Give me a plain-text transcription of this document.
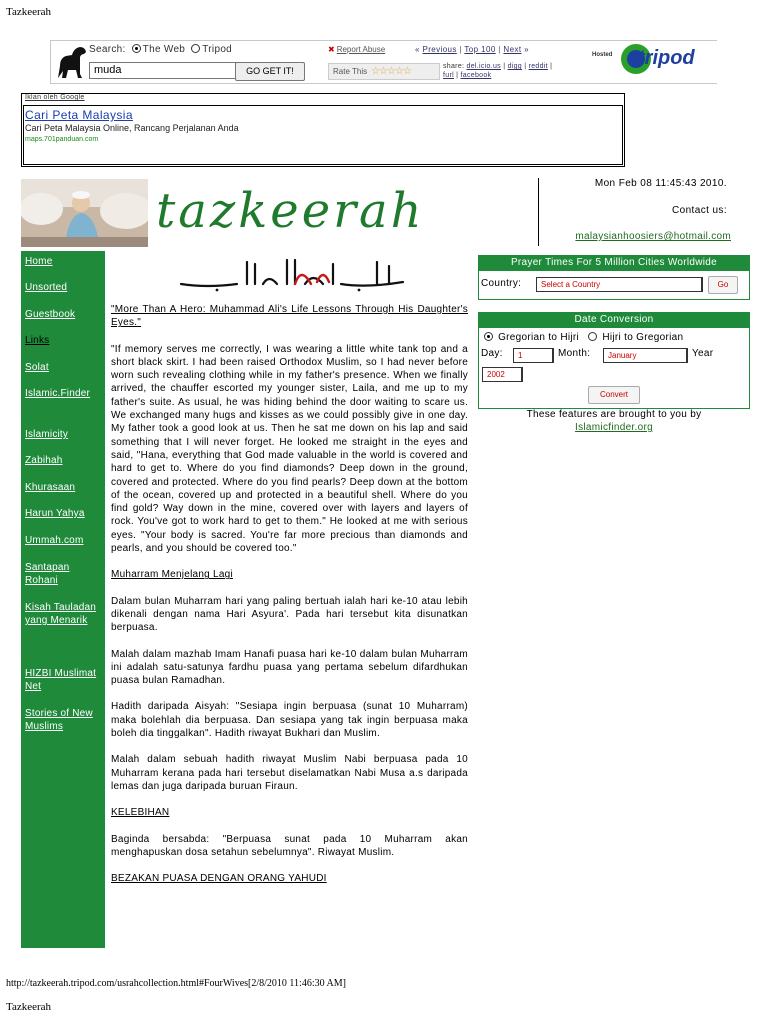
Tazkeerah
Search: The Web Tripod
muda	GO GET IT!
✖ Report Abuse	« Previous | Top 100 | Next »
Rate This ☆☆☆☆☆	share: del.icio.us | digg | reddit |
furl | facebook
Hosted tripod
Iklan oleh Google
Cari Peta Malaysia
Cari Peta Malaysia Online, Rancang Perjalanan Anda
maps.701panduan.com
tazkeerah	Mon Feb 08 11:45:43 2010.
Contact us:
malaysianhoosiers@hotmail.com
Home
Unsorted
Guestbook
Links
Solat
Islamic.Finder
Islamicity
Zabihah
Khurasaan
Harun Yahya
Ummah.com
Santapan Rohani
Kisah Tauladan yang Menarik
HIZBI Muslimat Net
Stories of New Muslims

"More Than A Hero: Muhammad Ali's Life Lessons Through His Daughter's Eyes."

"If memory serves me correctly, I was wearing a little white tank top and a short black skirt. I had been raised Orthodox Muslim, so I had never before worn such revealing clothing while in my father's presence. When we finally arrived, the chauffer escorted my younger sister, Laila, and me up to my father's suite. As usual, he was hiding behind the door waiting to scare us. We exchanged many hugs and kisses as we could possibly give in one day. My father took a good look at us. Then he sat me down on his lap and said something that I will never forget. He looked me straight in the eyes and said, "Hana, everything that God made valuable in the world is covered and hard to get to. Where do you find diamonds? Deep down in the ground, covered and protected. Where do you find pearls? Deep down at the bottom of the ocean, covered up and protected in a beautiful shell. Where do you find gold? Way down in the mine, covered over with layers and layers of rock. You've got to work hard to get to them." He looked at me with serious eyes. "Your body is sacred. You're far more precious than diamonds and pearls, and you should be covered too."

Muharram Menjelang Lagi

Dalam bulan Muharram hari yang paling bertuah ialah hari ke-10 atau lebih dikenali dengan nama Hari Asyura'. Pada hari tersebut kita disunatkan berpuasa.

Malah dalam mazhab Imam Hanafi puasa hari ke-10 dalam bulan Muharram ini adalah satu-satunya fardhu puasa yang pertama sebelum difardhukan puasa bulan Ramadhan.

Hadith daripada Aisyah: "Sesiapa ingin berpuasa (sunat 10 Muharram) maka bolehlah dia berpuasa. Dan sesiapa yang tak ingin berpuasa maka boleh dia tinggalkan". Hadith riwayat Bukhari dan Muslim.

Malah dalam sebuah hadith riwayat Muslim Nabi berpuasa pada 10 Muharram kerana pada hari tersebut diselamatkan Nabi Musa a.s daripada lemas dan juga daripada buruan Firaun.

KELEBIHAN

Baginda bersabda: "Berpuasa sunat pada 10 Muharram akan menghapuskan dosa setahun sebelumnya". Riwayat Muslim.

BEZAKAN PUASA DENGAN ORANG YAHUDI

Prayer Times For 5 Million Cities Worldwide
Country:	Select a Country	Go
Date Conversion
Gregorian to Hijri Hijri to Gregorian
Day:	1	Month:	January	Year
2002
Convert
These features are brought to you by
Islamicfinder.org
http://tazkeerah.tripod.com/usrahcollection.html#FourWives[2/8/2010 11:46:30 AM]
Tazkeerah
